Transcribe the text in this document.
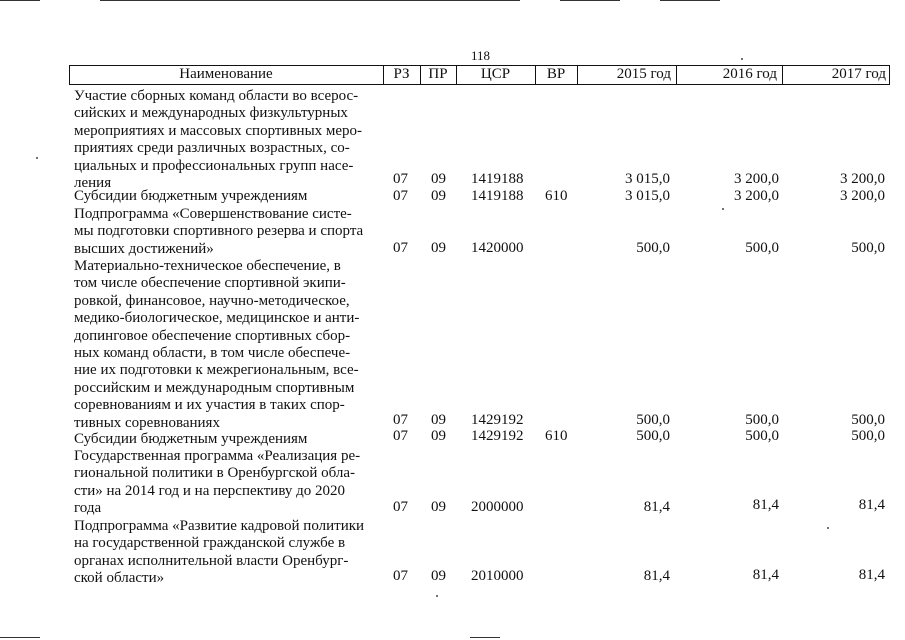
118
Наименование	РЗ	ПР	ЦСР	ВР	2015 год	2016 год	2017 год
Участие сборных команд области во всерос-
сийских и международных физкультурных
мероприятиях и массовых спортивных меро-
приятиях среди различных возрастных, со-
циальных и профессиональных групп насе-
ления	07 09 1419188	3 015,0	3 200,0	3 200,0
Субсидии бюджетным учреждениям	07 09 1419188 610	3 015,0	3 200,0	3 200,0
Подпрограмма «Совершенствование систе-
мы подготовки спортивного резерва и спорта
высших достижений»	07 09 1420000	500,0	500,0	500,0
Материально-техническое обеспечение, в
том числе обеспечение спортивной экипи-
ровкой, финансовое, научно-методическое,
медико-биологическое, медицинское и анти-
допинговое обеспечение спортивных сбор-
ных команд области, в том числе обеспече-
ние их подготовки к межрегиональным, все-
российским и международным спортивным
соревнованиям и их участия в таких спор-
тивных соревнованиях	07 09 1429192	500,0	500,0	500,0
Субсидии бюджетным учреждениям	07 09 1429192 610	500,0	500,0	500,0
Государственная программа «Реализация ре-
гиональной политики в Оренбургской обла-
сти» на 2014 год и на перспективу до 2020
года	07 09 2000000	81,4	81,4	81,4
Подпрограмма «Развитие кадровой политики
на государственной гражданской службе в
органах исполнительной власти Оренбург-
ской области»	07 09 2010000	81,4	81,4	81,4
